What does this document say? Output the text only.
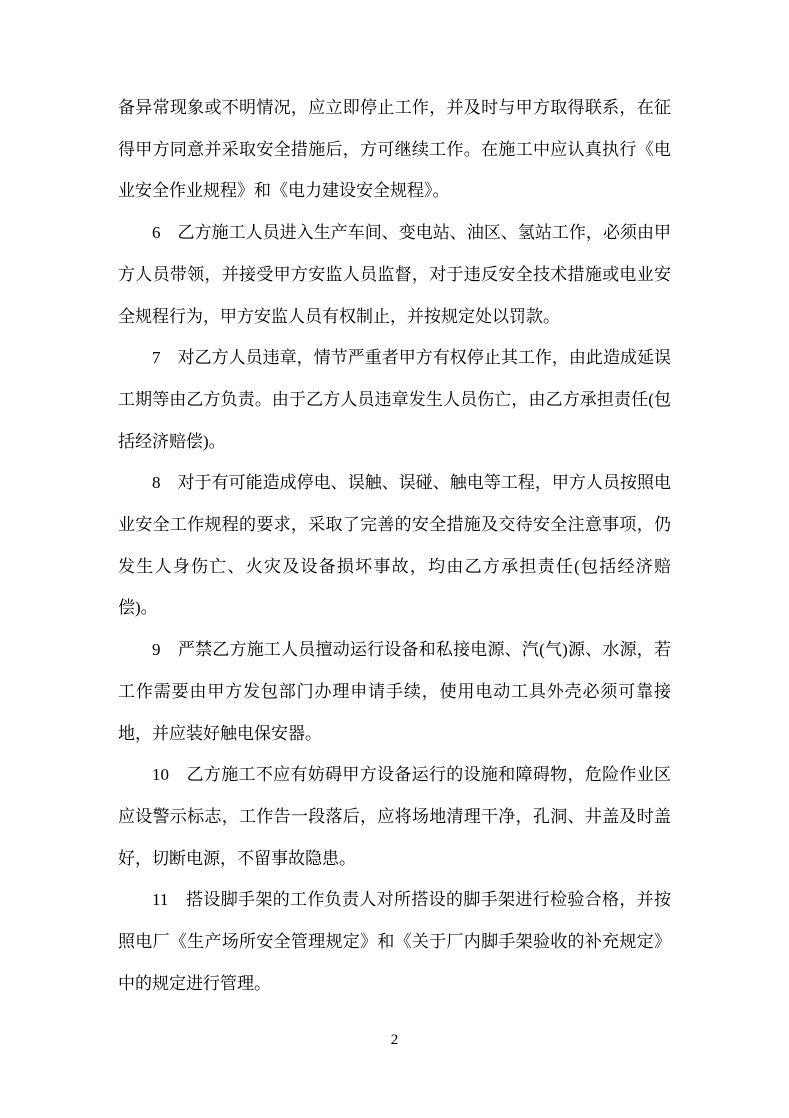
备异常现象或不明情况，应立即停止工作，并及时与甲方取得联系，在征得甲方同意并采取安全措施后，方可继续工作。在施工中应认真执行《电业安全作业规程》和《电力建设安全规程》。

6　乙方施工人员进入生产车间、变电站、油区、氢站工作，必须由甲方人员带领，并接受甲方安监人员监督，对于违反安全技术措施或电业安全规程行为，甲方安监人员有权制止，并按规定处以罚款。

7　对乙方人员违章，情节严重者甲方有权停止其工作，由此造成延误工期等由乙方负责。由于乙方人员违章发生人员伤亡，由乙方承担责任(包括经济赔偿)。

8　对于有可能造成停电、误触、误碰、触电等工程，甲方人员按照电业安全工作规程的要求，采取了完善的安全措施及交待安全注意事项，仍发生人身伤亡、火灾及设备损坏事故，均由乙方承担责任(包括经济赔偿)。

9　严禁乙方施工人员擅动运行设备和私接电源、汽(气)源、水源，若工作需要由甲方发包部门办理申请手续，使用电动工具外壳必须可靠接地，并应装好触电保安器。

10　乙方施工不应有妨碍甲方设备运行的设施和障碍物，危险作业区应设警示标志，工作告一段落后，应将场地清理干净，孔洞、井盖及时盖好，切断电源，不留事故隐患。

11　搭设脚手架的工作负责人对所搭设的脚手架进行检验合格，并按照电厂《生产场所安全管理规定》和《关于厂内脚手架验收的补充规定》中的规定进行管理。

2
